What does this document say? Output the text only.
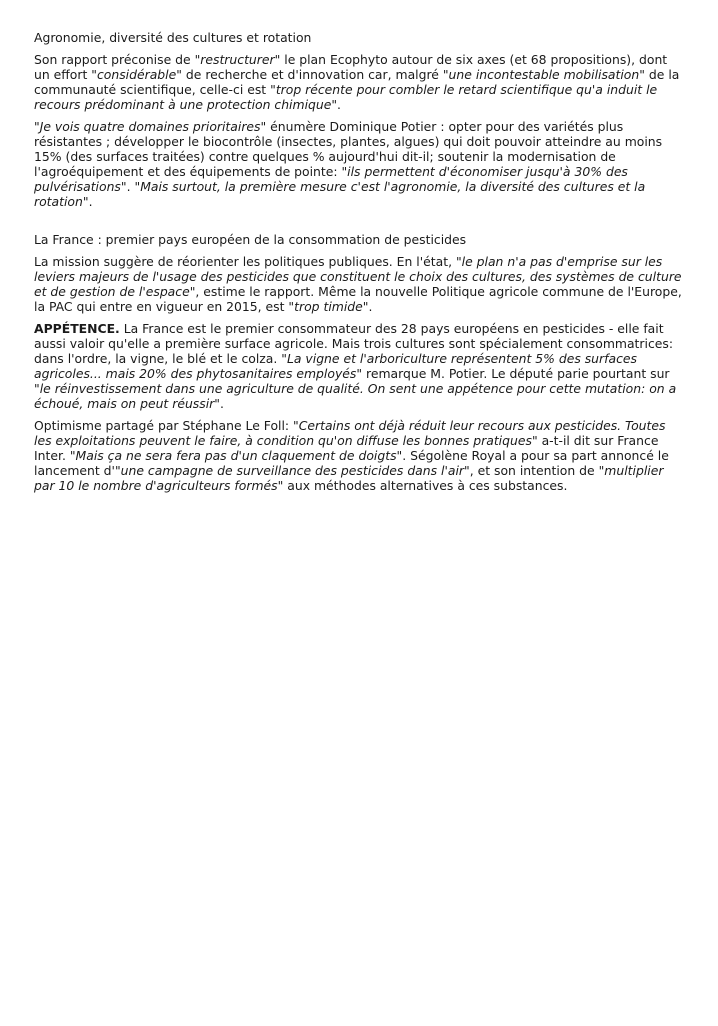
Agronomie, diversité des cultures et rotation

Son rapport préconise de "restructurer" le plan Ecophyto autour de six axes (et 68 propositions), dont un effort "considérable" de recherche et d'innovation car, malgré "une incontestable mobilisation" de la communauté scientifique, celle-ci est "trop récente pour combler le retard scientifique qu'a induit le recours prédominant à une protection chimique".

"Je vois quatre domaines prioritaires" énumère Dominique Potier : opter pour des variétés plus résistantes ; développer le biocontrôle (insectes, plantes, algues) qui doit pouvoir atteindre au moins 15% (des surfaces traitées) contre quelques % aujourd'hui dit-il; soutenir la modernisation de l'agroéquipement et des équipements de pointe: "ils permettent d'économiser jusqu'à 30% des pulvérisations". "Mais surtout, la première mesure c'est l'agronomie, la diversité des cultures et la rotation".

La France : premier pays européen de la consommation de pesticides

La mission suggère de réorienter les politiques publiques. En l'état, "le plan n'a pas d'emprise sur les leviers majeurs de l'usage des pesticides que constituent le choix des cultures, des systèmes de culture et de gestion de l'espace", estime le rapport. Même la nouvelle Politique agricole commune de l'Europe, la PAC qui entre en vigueur en 2015, est "trop timide".

APPÉTENCE. La France est le premier consommateur des 28 pays européens en pesticides - elle fait aussi valoir qu'elle a première surface agricole. Mais trois cultures sont spécialement consommatrices: dans l'ordre, la vigne, le blé et le colza. "La vigne et l'arboriculture représentent 5% des surfaces agricoles... mais 20% des phytosanitaires employés" remarque M. Potier. Le député parie pourtant sur "le réinvestissement dans une agriculture de qualité. On sent une appétence pour cette mutation: on a échoué, mais on peut réussir".

Optimisme partagé par Stéphane Le Foll: "Certains ont déjà réduit leur recours aux pesticides. Toutes les exploitations peuvent le faire, à condition qu'on diffuse les bonnes pratiques" a-t-il dit sur France Inter. "Mais ça ne sera fera pas d'un claquement de doigts". Ségolène Royal a pour sa part annoncé le lancement d'"une campagne de surveillance des pesticides dans l'air", et son intention de "multiplier par 10 le nombre d'agriculteurs formés" aux méthodes alternatives à ces substances.
